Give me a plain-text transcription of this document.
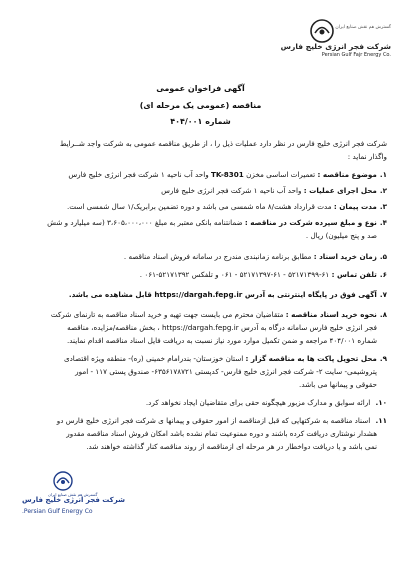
گسترش هم نقش صنایع ایران
شرکت فجر انرژی خلیج فارس
Persian Gulf Fajr Energy Co.
آگهی فراخوان عمومی
مناقصه (عمومی یک مرحله ای)
شماره ۴۰۴/۰۰۱
شرکت فجر انرژی خلیج فارس در نظر دارد عملیات ذیل را ، از طریق مناقصه عمومی به شرکت واجد شــرایط
واگذار نماید :
۱.موضوع مناقصه : تعمیرات اساسی مخزن TK-8301 واحد آب ناحیه ۱ شرکت فجر انرژی خلیج فارس
۲.محل اجرای عملیات : واحد آب ناحیه ۱ شرکت فجر انرژی خلیج فارس
۳.مدت پیمان : مدت قرارداد هشت/۸ ماه شمسی می باشد و دوره تضمین برابریک/۱ سال شمسی است.
۴.نوع و مبلغ سپرده شرکت در مناقصه : ضمانتنامه بانکی معتبر به مبلغ ۳،۶۰۵،۰۰۰،۰۰۰ (سه میلیارد و شش
صد و پنج میلیون) ریال .
۵.زمان خرید اسناد : مطابق برنامه زمانبندی مندرج در سامانه فروش اسناد مناقصه .
۶.تلفن تماس : ۶۱-۵۲۱۷۱۳۹۹ - ۶۱-۵۲۱۷۱۳۹۷ - ۰۶۱ و تلفکس ۵۲۱۷۱۳۹۲-۰۶۱ .
۷.آگهی فوق در پایگاه اینترنتی به آدرس https://dargah.fepg.ir قابل مشاهده می باشد.
۸.نحوه خرید اسناد مناقصه : متقاضیان محترم می بایست جهت تهیه و خرید اسناد مناقصه به تارنمای شرکت
فجر انرژی خلیج فارس سامانه درگاه به آدرس https://dargah.fepg.ir ، بخش مناقصه/مزایده، مناقصه
شماره ۴۰۴/۰۰۱ مراجعه و ضمن تکمیل موارد مورد نیاز نسبت به دریافت فایل اسناد مناقصه اقدام نمایند.
۹.محل تحویل پاکت ها به مناقصه گزار : استان خوزستان- بندرامام خمینی (ره)- منطقه ویژه اقتصادی
پتروشیمی- سایت ۲- شرکت فجر انرژی خلیج فارس- کدپستی ۶۳۵۶۱۷۸۷۲۱- صندوق پستی ۱۱۷ - امور
حقوقی و پیمانها می باشد.
۱۰. ارائه سوابق و مدارک مزبور هیچگونه حقی برای متقاضیان ایجاد نخواهد کرد.
۱۱. اسناد مناقصه به شرکتهایی که قبل ازمناقصه از امور حقوقی و پیمانها ی شرکت فجر انرژی خلیج فارس دو
هشدار نوشتاری دریافت کرده باشند و دوره ممنوعیت تمام نشده باشد امکان فروش اسناد مناقصه مقدور
نمی باشد و یا دریافت دواخطار در هر مرحله ای ازمناقصه از روند مناقصه کنار گذاشته خواهند شد.
گسترش هم نقش صنایع ایران
شرکت فجر انرژی خلیج فارس
Persian Gulf Energy Co.
